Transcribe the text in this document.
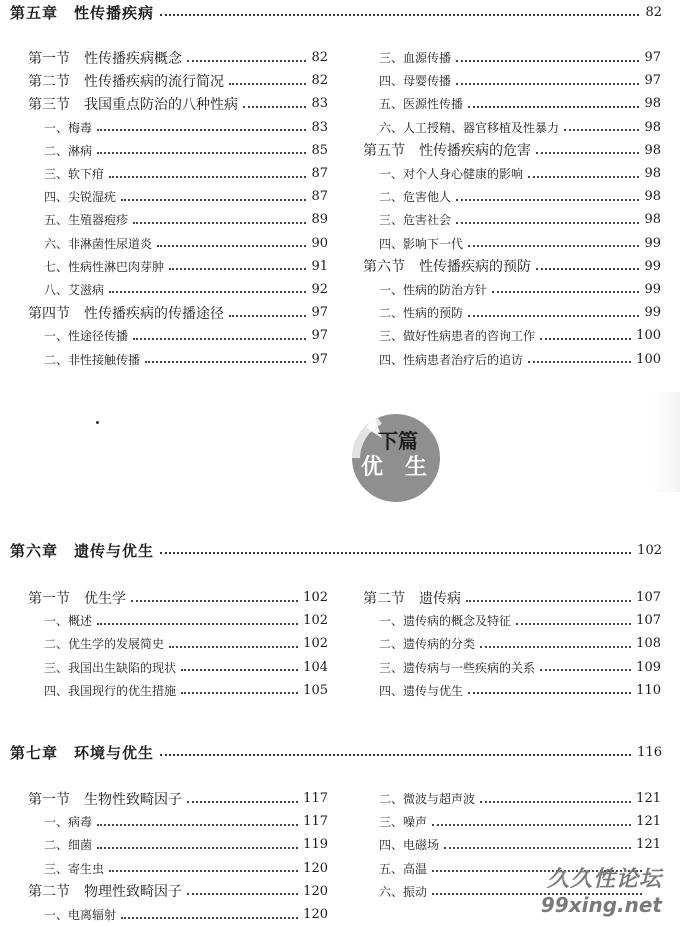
第五章　性传播疾病	82
第一节　性传播疾病概念	82
第二节　性传播疾病的流行简况	82
第三节　我国重点防治的八种性病	83
一、梅毒	83
二、淋病	85
三、软下疳	87
四、尖锐湿疣	87
五、生殖器疱疹	89
六、非淋菌性尿道炎	90
七、性病性淋巴肉芽肿	91
八、艾滋病	92
第四节　性传播疾病的传播途径	97
一、性途径传播	97
二、非性接触传播	97
三、血源传播	97
四、母婴传播	97
五、医源性传播	98
六、人工授精、器官移植及性暴力	98
第五节　性传播疾病的危害	98
一、对个人身心健康的影响	98
二、危害他人	98
三、危害社会	98
四、影响下一代	99
第六节　性传播疾病的预防	99
一、性病的防治方针	99
二、性病的预防	99
三、做好性病患者的咨询工作	100
四、性病患者治疗后的追访	100
下篇
优　生
第六章　遗传与优生	102
第一节　优生学	102
一、概述	102
二、优生学的发展简史	102
三、我国出生缺陷的现状	104
四、我国现行的优生措施	105
第二节　遗传病	107
一、遗传病的概念及特征	107
二、遗传病的分类	108
三、遗传病与一些疾病的关系	109
四、遗传与优生	110
第七章　环境与优生	116
第一节　生物性致畸因子	117
一、病毒	117
二、细菌	119
三、寄生虫	120
第二节　物理性致畸因子	120
一、电离辐射	120
二、微波与超声波	121
三、噪声	121
四、电磁场	121
五、高温
六、振动	久久性论坛
99xing.net
